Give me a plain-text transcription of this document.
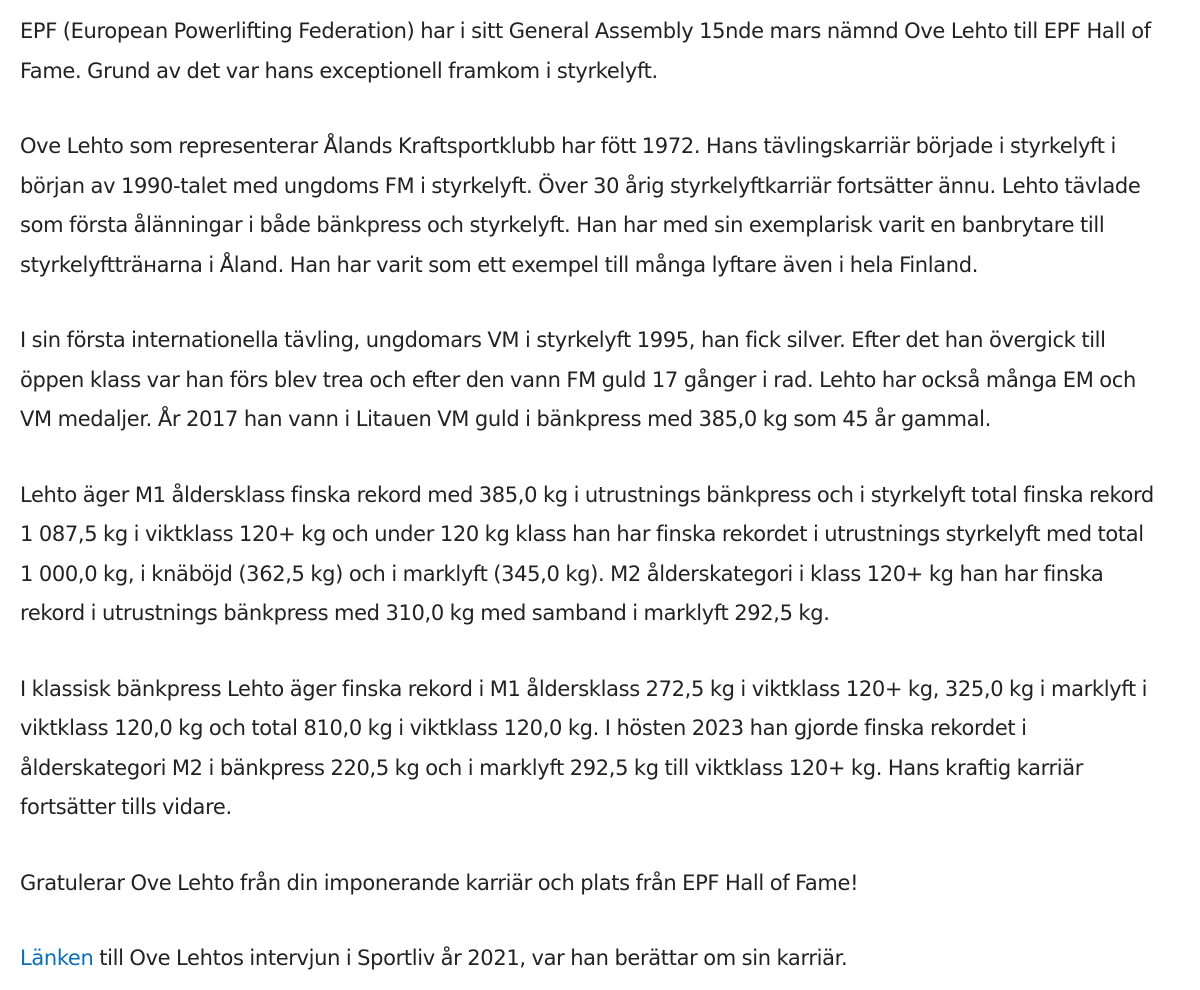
EPF (European Powerlifting Federation) har i sitt General Assembly 15nde mars nämnd Ove Lehto till EPF Hall of Fame. Grund av det var hans exceptionell framkom i styrkelyft.

Ove Lehto som representerar Ålands Kraftsportklubb har fött 1972. Hans tävlingskarriär började i styrkelyft i början av 1990-talet med ungdoms FM i styrkelyft. Över 30 årig styrkelyftkarriär fortsätter ännu. Lehto tävlade som första ålänningar i både bänkpress och styrkelyft. Han har med sin exemplarisk varit en banbrytare till styrkelyftträнarna i Åland. Han har varit som ett exempel till många lyftare även i hela Finland.

I sin första internationella tävling, ungdomars VM i styrkelyft 1995, han fick silver. Efter det han övergick till öppen klass var han förs blev trea och efter den vann FM guld 17 gånger i rad. Lehto har också många EM och VM medaljer. År 2017 han vann i Litauen VM guld i bänkpress med 385,0 kg som 45 år gammal.

Lehto äger M1 åldersklass finska rekord med 385,0 kg i utrustnings bänkpress och i styrkelyft total finska rekord 1 087,5 kg i viktklass 120+ kg och under 120 kg klass han har finska rekordet i utrustnings styrkelyft med total 1 000,0 kg, i knäböjd (362,5 kg) och i marklyft (345,0 kg). M2 ålderskategori i klass 120+ kg han har finska rekord i utrustnings bänkpress med 310,0 kg med samband i marklyft 292,5 kg.

I klassisk bänkpress Lehto äger finska rekord i M1 åldersklass 272,5 kg i viktklass 120+ kg, 325,0 kg i marklyft i viktklass 120,0 kg och total 810,0 kg i viktklass 120,0 kg. I hösten 2023 han gjorde finska rekordet i ålderskategori M2 i bänkpress 220,5 kg och i marklyft 292,5 kg till viktklass 120+ kg. Hans kraftig karriär fortsätter tills vidare.

Gratulerar Ove Lehto från din imponerande karriär och plats från EPF Hall of Fame!

Länken till Ove Lehtos intervjun i Sportliv år 2021, var han berättar om sin karriär.
